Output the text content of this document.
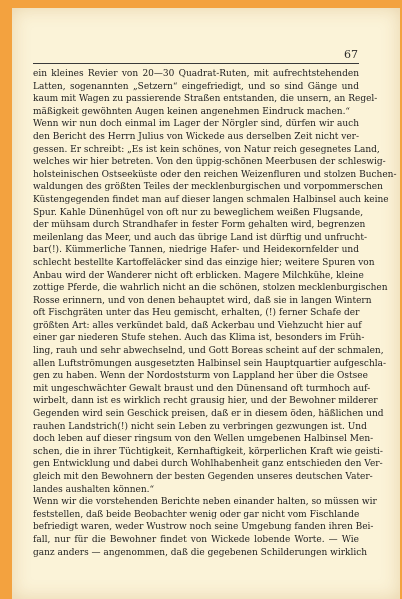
67
ein kleines Revier von 20—30 Quadrat-Ruten, mit aufrechtstehenden
Latten, sogenannten „Setzern“ eingefriedigt, und so sind Gänge und
kaum mit Wagen zu passierende Straßen entstanden, die unsern, an Regel-
mäßigkeit gewöhnten Augen keinen angenehmen Eindruck machen.“
Wenn wir nun doch einmal im Lager der Nörgler sind, dürfen wir auch
den Bericht des Herrn Julius von Wickede aus derselben Zeit nicht ver-
gessen. Er schreibt: „Es ist kein schönes, von Natur reich gesegnetes Land,
welches wir hier betreten. Von den üppig-schönen Meerbusen der schleswig-
holsteinischen Ostseeküste oder den reichen Weizenfluren und stolzen Buchen-
waldungen des größten Teiles der mecklenburgischen und vorpommerschen
Küstengegenden findet man auf dieser langen schmalen Halbinsel auch keine
Spur. Kahle Dünenhügel von oft nur zu beweglichem weißen Flugsande,
der mühsam durch Strandhafer in fester Form gehalten wird, begrenzen
meilenlang das Meer, und auch das übrige Land ist dürftig und unfrucht-
bar(!). Kümmerliche Tannen, niedrige Hafer- und Heideкornfelder und
schlecht bestellte Kartoffeläcker sind das einzige hier; weitere Spuren von
Anbau wird der Wanderer nicht oft erblicken. Magere Milchkühe, kleine
zottige Pferde, die wahrlich nicht an die schönen, stolzen mecklenburgischen
Rosse erinnern, und von denen behauptet wird, daß sie in langen Wintern
oft Fischgräten unter das Heu gemischt, erhalten, (!) ferner Schafe der
größten Art: alles verkündet bald, daß Ackerbau und Viehzucht hier auf
einer gar niederen Stufe stehen. Auch das Klima ist, besonders im Früh-
ling, rauh und sehr abwechselnd, und Gott Boreas scheint auf der schmalen,
allen Luftströmungen ausgesetzten Halbinsel sein Hauptquartier aufgeschla-
gen zu haben. Wenn der Nordoststurm von Lappland her über die Ostsee
mit ungeschwächter Gewalt braust und den Dünensand oft turmhoch auf-
wirbelt, dann ist es wirklich recht grausig hier, und der Bewohner milderer
Gegenden wird sein Geschick preisen, daß er in diesem öden, häßlichen und
rauhen Landstrich(!) nicht sein Leben zu verbringen gezwungen ist. Und
doch leben auf dieser ringsum von den Wellen umgebenen Halbinsel Men-
schen, die in ihrer Tüchtigkeit, Kernhaftigkeit, körperlichen Kraft wie geisti-
gen Entwicklung und dabei durch Wohlhabenheit ganz entschieden den Ver-
gleich mit den Bewohnern der besten Gegenden unseres deutschen Vater-
landes aushalten können.“
Wenn wir die vorstehenden Berichte neben einander halten, so müssen wir
feststellen, daß beide Beobachter wenig oder gar nicht vom Fischlande
befriedigt waren, weder Wustrow noch seine Umgebung fanden ihren Bei-
fall, nur für die Bewohner findet von Wickede lobende Worte. — Wie
ganz anders — angenommen, daß die gegebenen Schilderungen wirklich
